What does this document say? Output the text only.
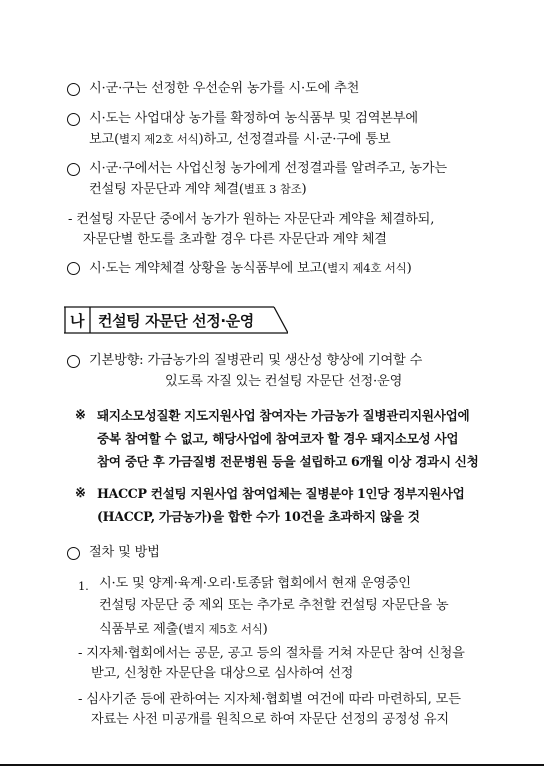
시·군·구는 선정한 우선순위 농가를 시·도에 추천
시·도는 사업대상 농가를 확정하여 농식품부 및 검역본부에
보고(별지 제2호 서식)하고, 선정결과를 시·군·구에 통보
시·군·구에서는 사업신청 농가에게 선정결과를 알려주고, 농가는
컨설팅 자문단과 계약 체결(별표 3 참조)
- 컨설팅 자문단 중에서 농가가 원하는 자문단과 계약을 체결하되,
자문단별 한도를 초과할 경우 다른 자문단과 계약 체결
시·도는 계약체결 상황을 농식품부에 보고(별지 제4호 서식)
나 컨설팅 자문단 선정·운영
기본방향: 가금농가의 질병관리 및 생산성 향상에 기여할 수
있도록 자질 있는 컨설팅 자문단 선정·운영
※ 돼지소모성질환 지도지원사업 참여자는 가금농가 질병관리지원사업에
중복 참여할 수 없고, 해당사업에 참여코자 할 경우 돼지소모성 사업
참여 중단 후 가금질병 전문병원 등을 설립하고 6개월 이상 경과시 신청
※ HACCP 컨설팅 지원사업 참여업체는 질병분야 1인당 정부지원사업
(HACCP, 가금농가)을 합한 수가 10건을 초과하지 않을 것
절차 및 방법
1. 시·도 및 양계·육계·오리·토종닭 협회에서 현재 운영중인
컨설팅 자문단 중 제외 또는 추가로 추천할 컨설팅 자문단을 농
식품부로 제출(별지 제5호 서식)
- 지자체·협회에서는 공문, 공고 등의 절차를 거쳐 자문단 참여 신청을
받고, 신청한 자문단을 대상으로 심사하여 선정
- 심사기준 등에 관하여는 지자체·협회별 여건에 따라 마련하되, 모든
자료는 사전 미공개를 원칙으로 하여 자문단 선정의 공정성 유지
